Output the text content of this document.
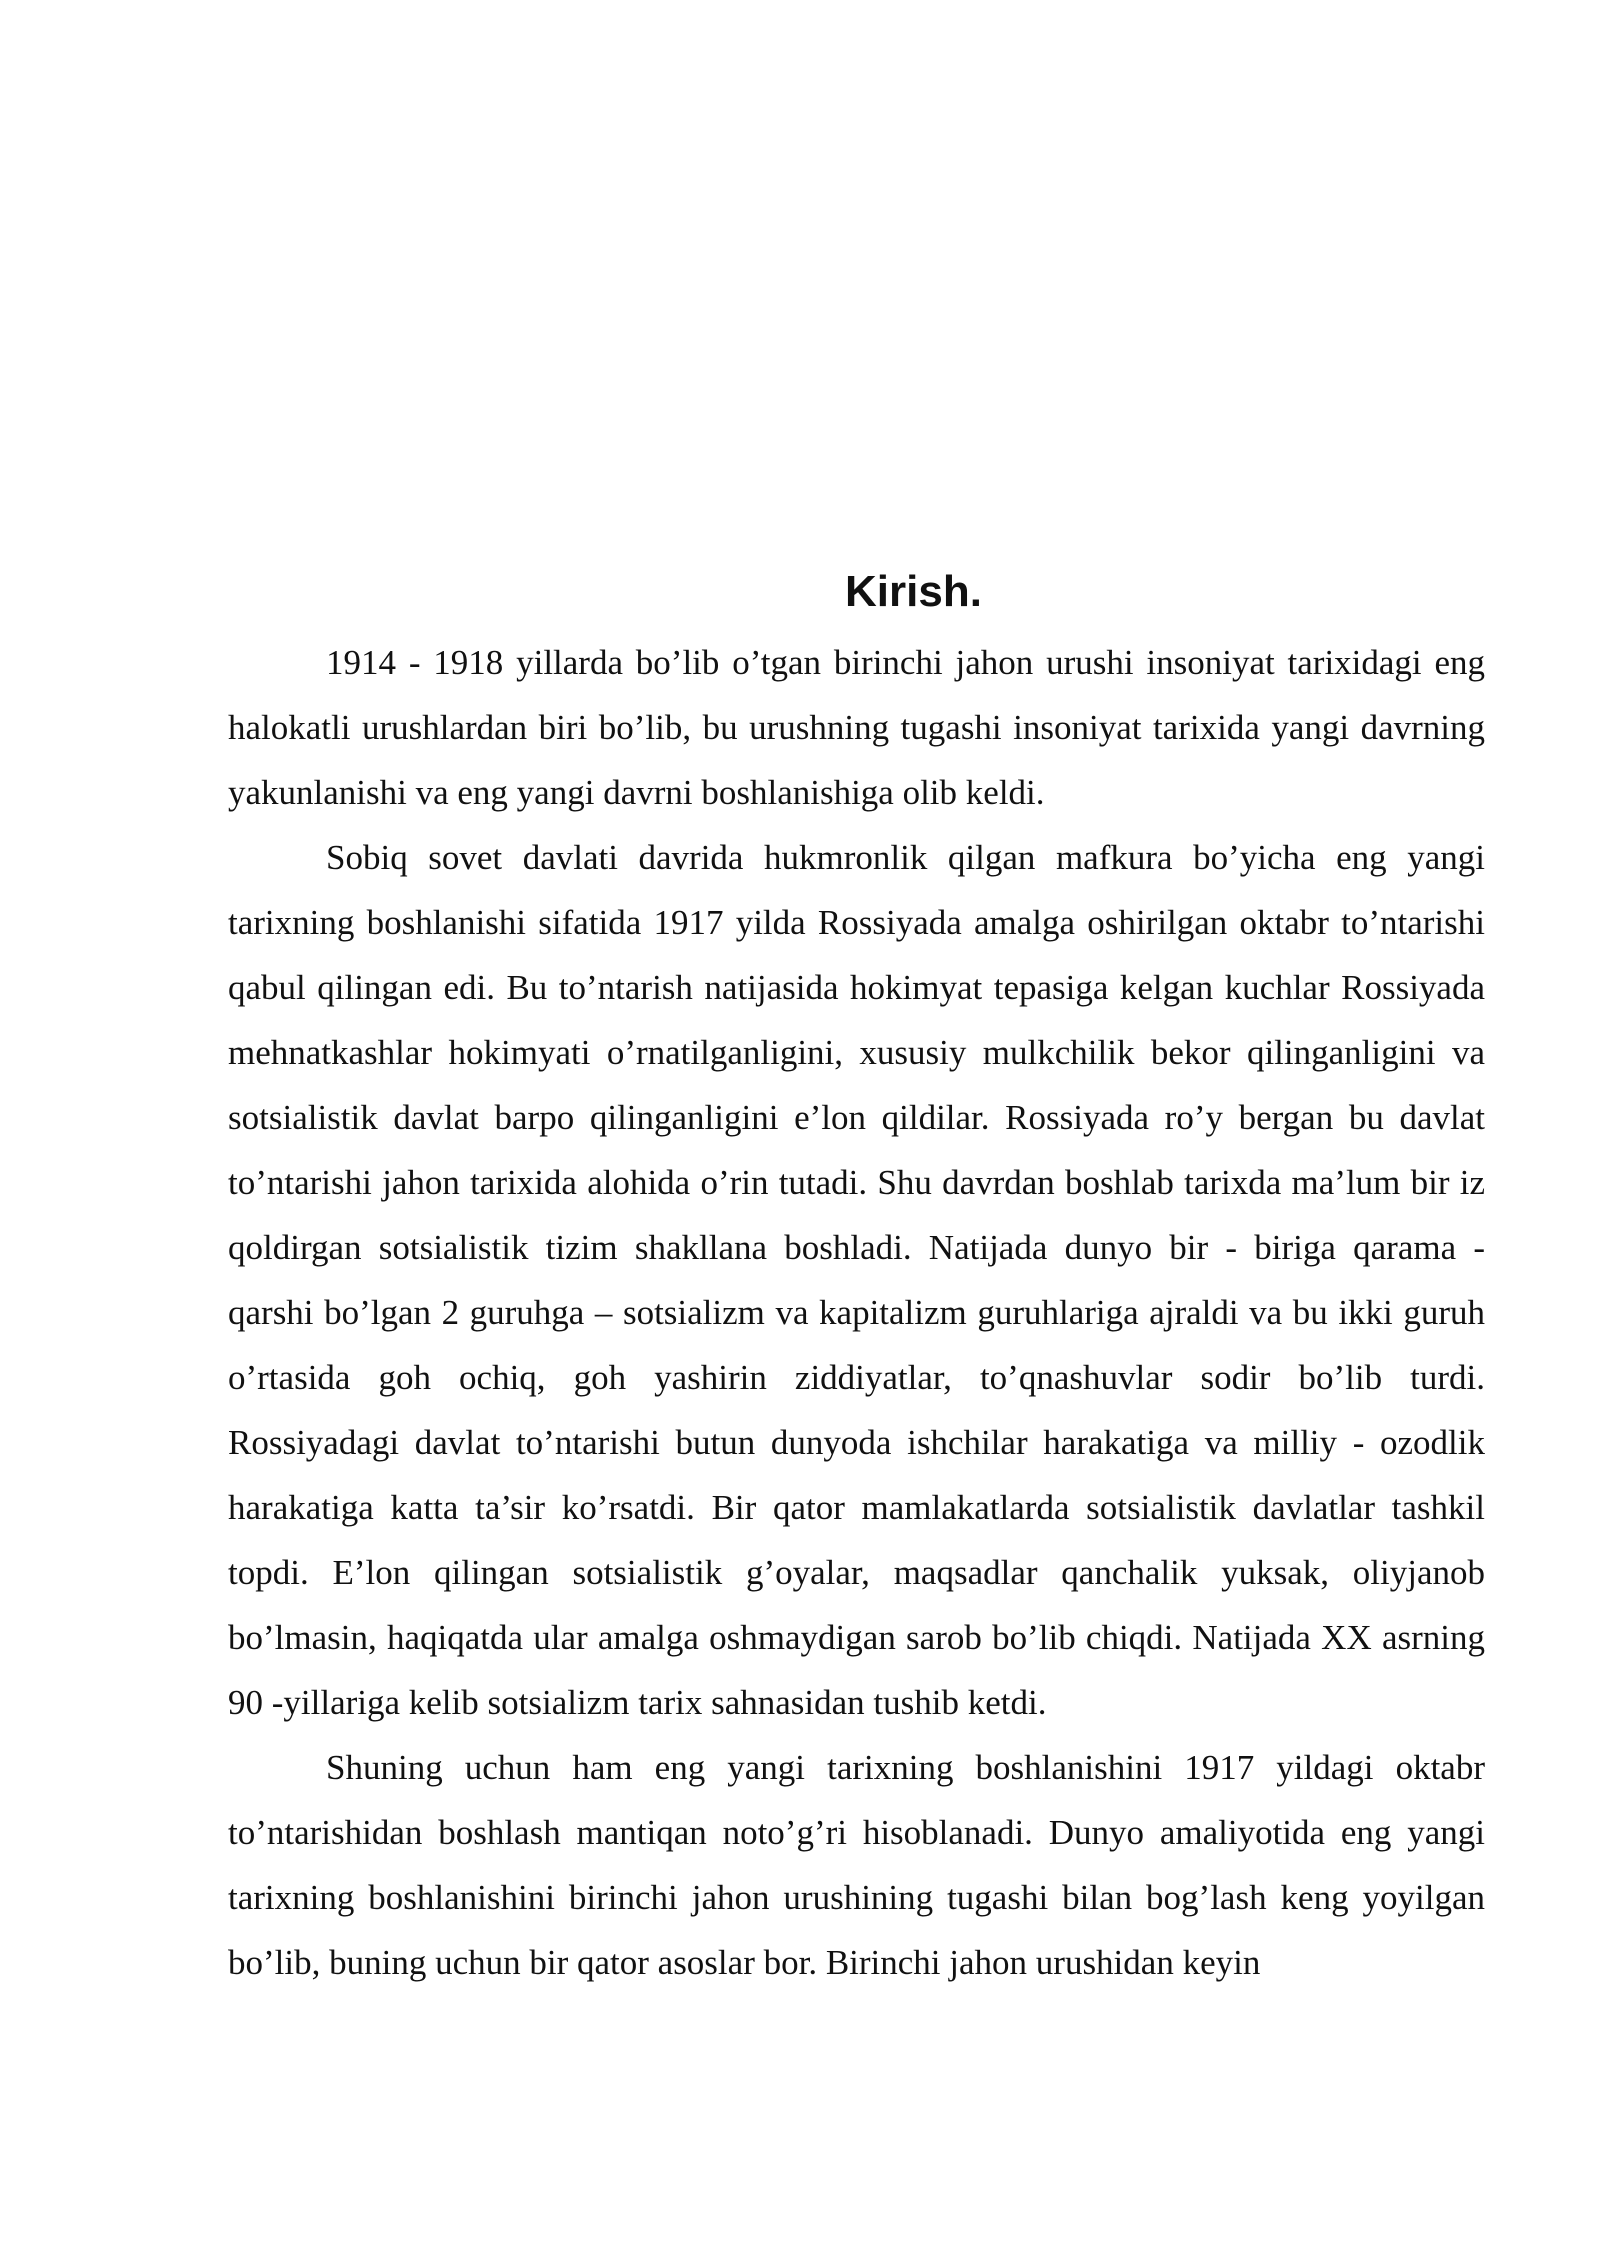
Kirish.

1914 - 1918 yillarda bo’lib o’tgan birinchi jahon urushi insoniyat tarixidagi eng halokatli urushlardan biri bo’lib, bu urushning tugashi insoniyat tarixida yangi davrning yakunlanishi va eng yangi davrni boshlanishiga olib keldi.

Sobiq sovet davlati davrida hukmronlik qilgan mafkura bo’yicha eng yangi tarixning boshlanishi sifatida 1917 yilda Rossiyada amalga oshirilgan oktabr to’ntarishi qabul qilingan edi. Bu to’ntarish natijasida hokimyat tepasiga kelgan kuchlar Rossiyada mehnatkashlar hokimyati o’rnatilganligini, xususiy mulkchilik bekor qilinganligini va sotsialistik davlat barpo qilinganligini e’lon qildilar. Rossiyada ro’y bergan bu davlat to’ntarishi jahon tarixida alohida o’rin tutadi. Shu davrdan boshlab tarixda ma’lum bir iz qoldirgan sotsialistik tizim shakllana boshladi. Natijada dunyo bir - biriga qarama - qarshi bo’lgan 2 guruhga – sotsializm va kapitalizm guruhlariga ajraldi va bu ikki guruh o’rtasida goh ochiq, goh yashirin ziddiyatlar, to’qnashuvlar sodir bo’lib turdi. Rossiyadagi davlat to’ntarishi butun dunyoda ishchilar harakatiga va milliy - ozodlik harakatiga katta ta’sir ko’rsatdi. Bir qator mamlakatlarda sotsialistik davlatlar tashkil topdi. E’lon qilingan sotsialistik g’oyalar, maqsadlar qanchalik yuksak, oliyjanob bo’lmasin, haqiqatda ular amalga oshmaydigan sarob bo’lib chiqdi. Natijada XX asrning 90 -yillariga kelib sotsializm tarix sahnasidan tushib ketdi.

Shuning uchun ham eng yangi tarixning boshlanishini 1917 yildagi oktabr to’ntarishidan boshlash mantiqan noto’g’ri hisoblanadi. Dunyo amaliyotida eng yangi tarixning boshlanishini birinchi jahon urushining tugashi bilan bog’lash keng yoyilgan bo’lib, buning uchun bir qator asoslar bor. Birinchi jahon urushidan keyin
